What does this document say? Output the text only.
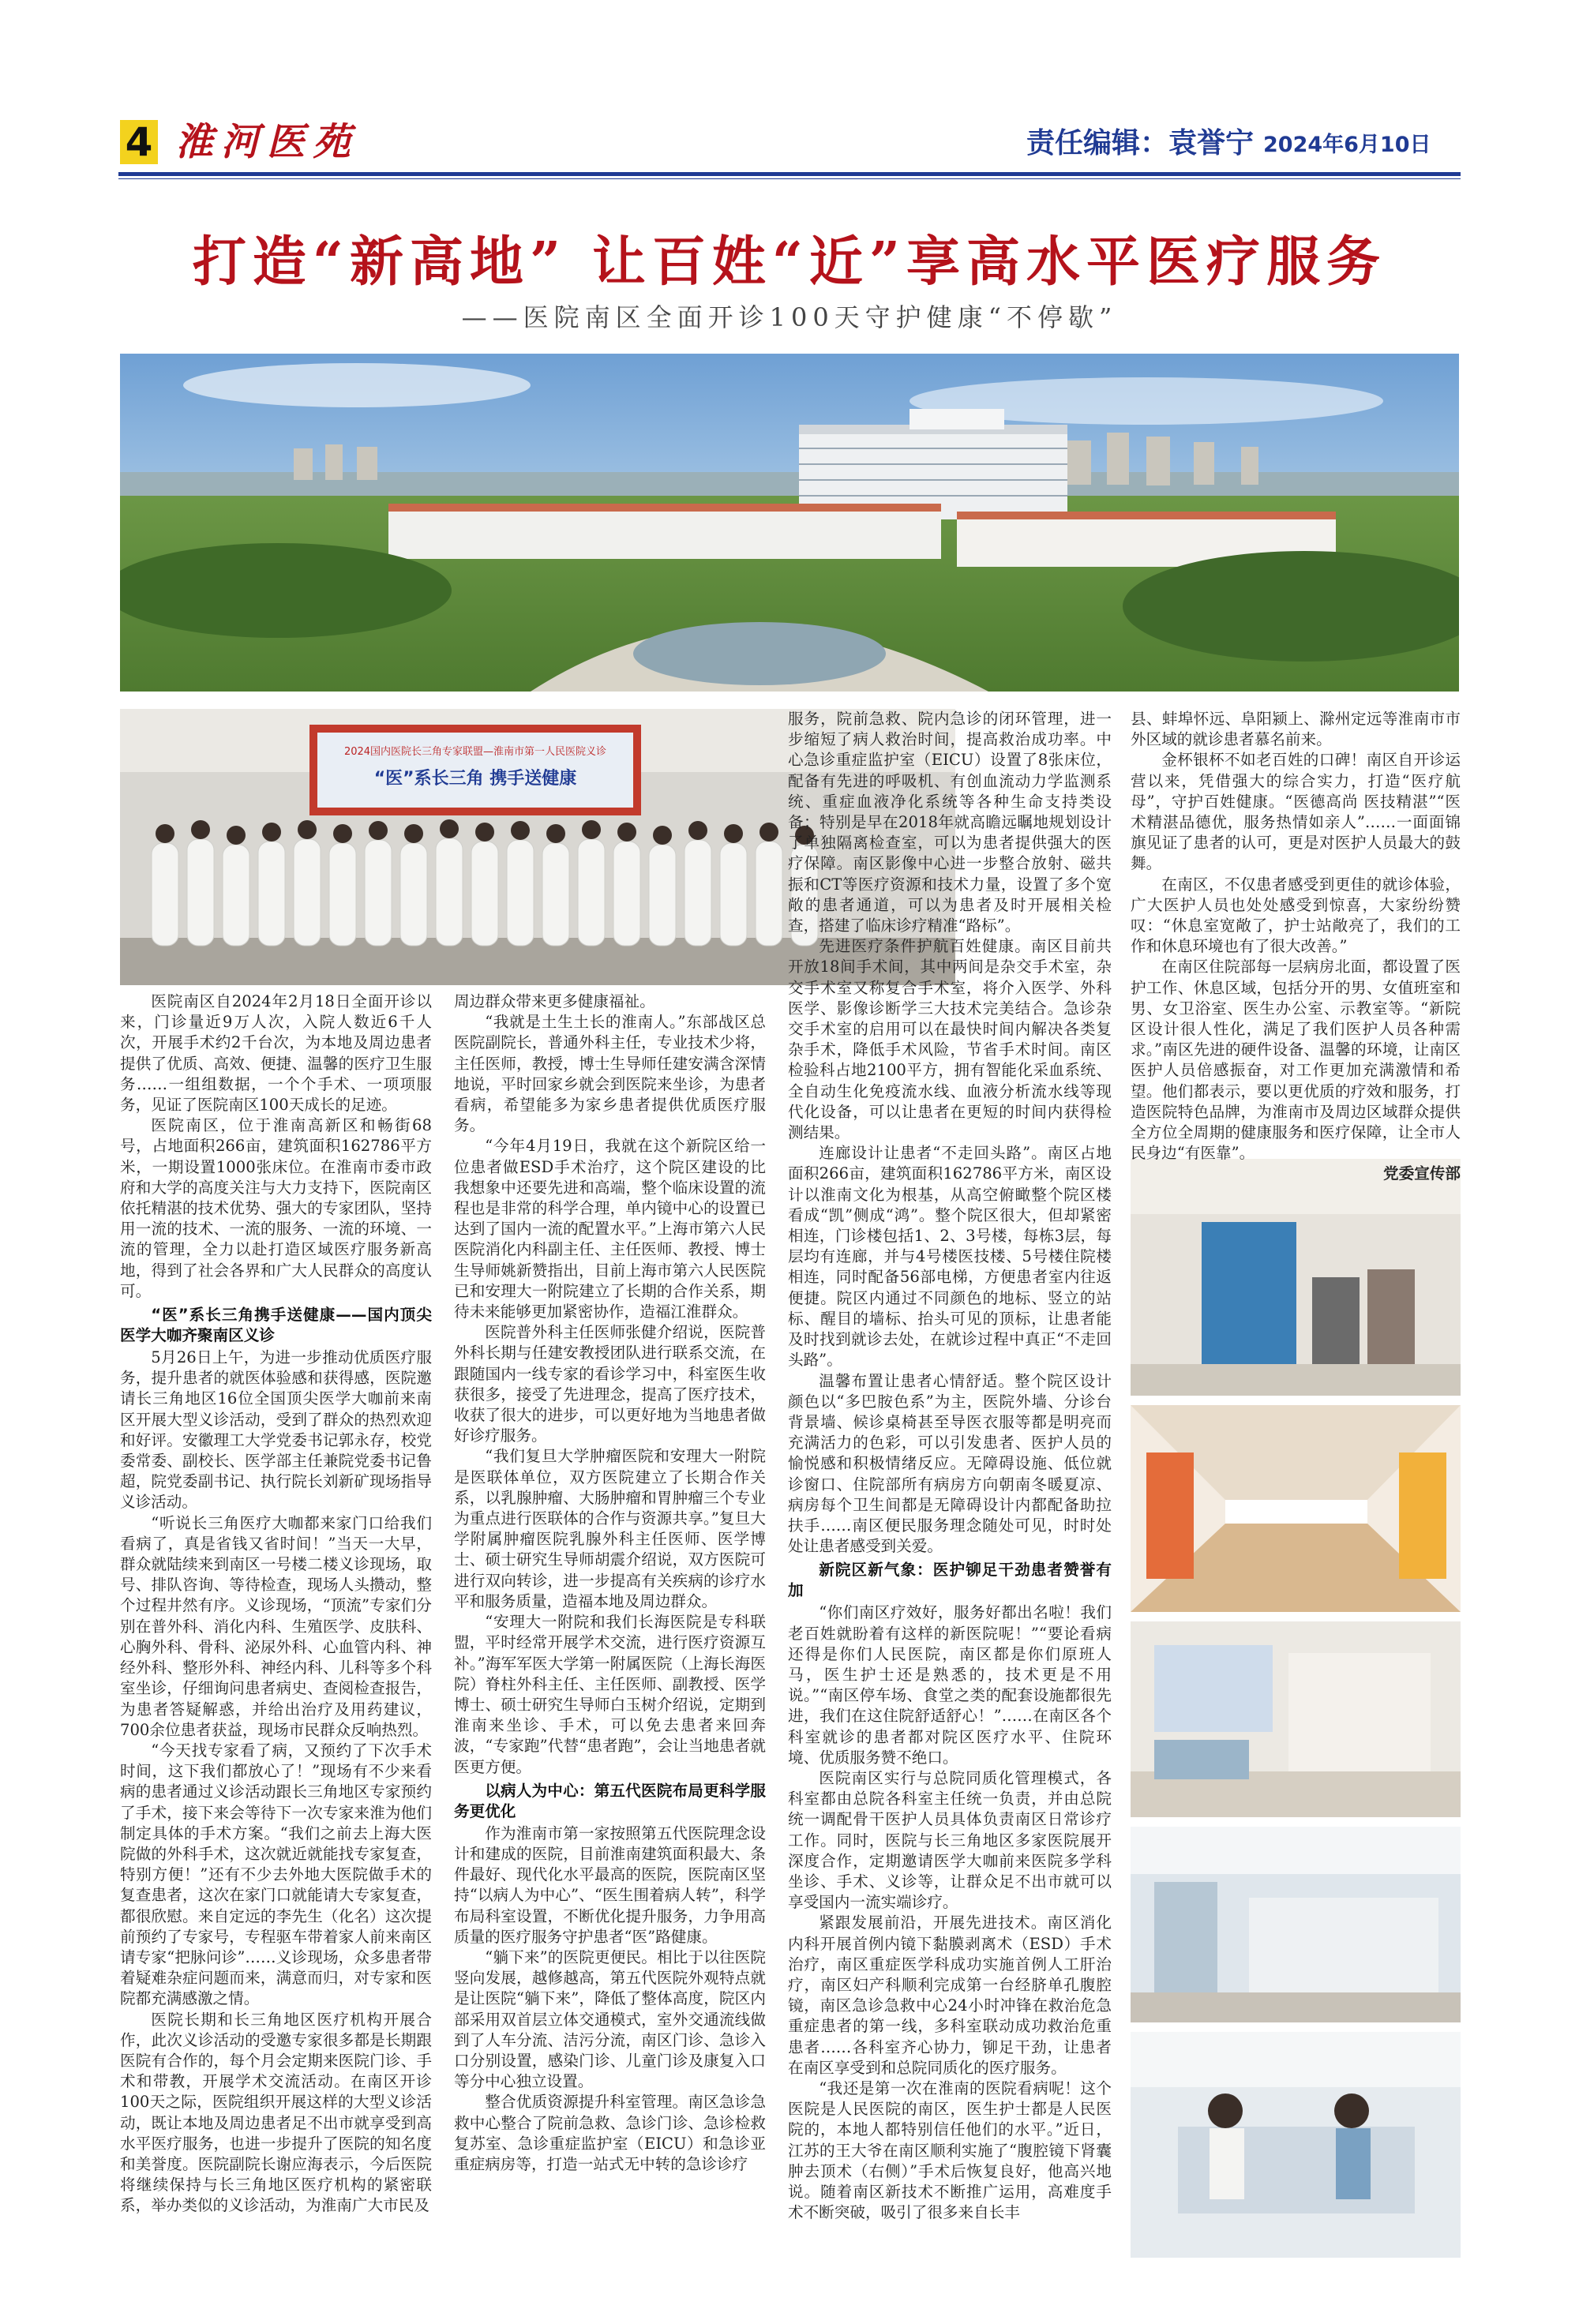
4 淮河医苑	责任编辑：袁誉宁 2024年6月10日
打造“新高地” 让百姓“近”享高水平医疗服务
——医院南区全面开诊100天守护健康“不停歇”
2024国内医院长三角专家联盟—淮南市第一人民医院义诊
“医”系长三角 携手送健康

医院南区自2024年2月18日全面开诊以来，门诊量近9万人次，入院人数近6千人次，开展手术约2千台次，为本地及周边患者提供了优质、高效、便捷、温馨的医疗卫生服务……一组组数据，一个个手术、一项项服务，见证了医院南区100天成长的足迹。

医院南区，位于淮南高新区和畅街68号，占地面积266亩，建筑面积162786平方米，一期设置1000张床位。在淮南市委市政府和大学的高度关注与大力支持下，医院南区依托精湛的技术优势、强大的专家团队，坚持用一流的技术、一流的服务、一流的环境、一流的管理，全力以赴打造区域医疗服务新高地，得到了社会各界和广大人民群众的高度认可。

“医”系长三角携手送健康——国内顶尖医学大咖齐聚南区义诊

5月26日上午，为进一步推动优质医疗服务，提升患者的就医体验感和获得感，医院邀请长三角地区16位全国顶尖医学大咖前来南区开展大型义诊活动，受到了群众的热烈欢迎和好评。安徽理工大学党委书记郭永存，校党委常委、副校长、医学部主任兼院党委书记鲁超，院党委副书记、执行院长刘新矿现场指导义诊活动。

“听说长三角医疗大咖都来家门口给我们看病了，真是省钱又省时间！”当天一大早，群众就陆续来到南区一号楼二楼义诊现场，取号、排队咨询、等待检查，现场人头攒动，整个过程井然有序。义诊现场，“顶流”专家们分别在普外科、消化内科、生殖医学、皮肤科、心胸外科、骨科、泌尿外科、心血管内科、神经外科、整形外科、神经内科、儿科等多个科室坐诊，仔细询问患者病史、查阅检查报告，为患者答疑解惑，并给出治疗及用药建议，700余位患者获益，现场市民群众反响热烈。

“今天找专家看了病，又预约了下次手术时间，这下我们都放心了！”现场有不少来看病的患者通过义诊活动跟长三角地区专家预约了手术，接下来会等待下一次专家来淮为他们制定具体的手术方案。“我们之前去上海大医院做的外科手术，这次就近就能找专家复查，特别方便！”还有不少去外地大医院做手术的复查患者，这次在家门口就能请大专家复查，都很欣慰。来自定远的李先生（化名）这次提前预约了专家号，专程驱车带着家人前来南区请专家“把脉问诊”……义诊现场，众多患者带着疑难杂症问题而来，满意而归，对专家和医院都充满感激之情。

医院长期和长三角地区医疗机构开展合作，此次义诊活动的受邀专家很多都是长期跟医院有合作的，每个月会定期来医院门诊、手术和带教，开展学术交流活动。在南区开诊100天之际，医院组织开展这样的大型义诊活动，既让本地及周边患者足不出市就享受到高水平医疗服务，也进一步提升了医院的知名度和美誉度。医院副院长谢应海表示，今后医院将继续保持与长三角地区医疗机构的紧密联系，举办类似的义诊活动，为淮南广大市民及

周边群众带来更多健康福祉。

“我就是土生土长的淮南人。”东部战区总医院副院长，普通外科主任，专业技术少将，主任医师，教授，博士生导师任建安满含深情地说，平时回家乡就会到医院来坐诊，为患者看病，希望能多为家乡患者提供优质医疗服务。

“今年4月19日，我就在这个新院区给一位患者做ESD手术治疗，这个院区建设的比我想象中还要先进和高端，整个临床设置的流程也是非常的科学合理，单内镜中心的设置已达到了国内一流的配置水平。”上海市第六人民医院消化内科副主任、主任医师、教授、博士生导师姚新赞指出，目前上海市第六人民医院已和安理大一附院建立了长期的合作关系，期待未来能够更加紧密协作，造福江淮群众。

医院普外科主任医师张健介绍说，医院普外科长期与任建安教授团队进行联系交流，在跟随国内一线专家的看诊学习中，科室医生收获很多，接受了先进理念，提高了医疗技术，收获了很大的进步，可以更好地为当地患者做好诊疗服务。

“我们复旦大学肿瘤医院和安理大一附院是医联体单位，双方医院建立了长期合作关系，以乳腺肿瘤、大肠肿瘤和胃肿瘤三个专业为重点进行医联体的合作与资源共享。”复旦大学附属肿瘤医院乳腺外科主任医师、医学博士、硕士研究生导师胡震介绍说，双方医院可进行双向转诊，进一步提高有关疾病的诊疗水平和服务质量，造福本地及周边群众。

“安理大一附院和我们长海医院是专科联盟，平时经常开展学术交流，进行医疗资源互补。”海军军医大学第一附属医院（上海长海医院）脊柱外科主任、主任医师、副教授、医学博士、硕士研究生导师白玉树介绍说，定期到淮南来坐诊、手术，可以免去患者来回奔波，“专家跑”代替“患者跑”，会让当地患者就医更方便。

以病人为中心：第五代医院布局更科学服务更优化

作为淮南市第一家按照第五代医院理念设计和建成的医院，目前淮南建筑面积最大、条件最好、现代化水平最高的医院，医院南区坚持“以病人为中心”、“医生围着病人转”，科学布局科室设置，不断优化提升服务，力争用高质量的医疗服务守护患者“医”路健康。

“躺下来”的医院更便民。相比于以往医院竖向发展，越修越高，第五代医院外观特点就是让医院“躺下来”，降低了整体高度，院区内部采用双首层立体交通模式，室外交通流线做到了人车分流、洁污分流，南区门诊、急诊入口分别设置，感染门诊、儿童门诊及康复入口等分中心独立设置。

整合优质资源提升科室管理。南区急诊急救中心整合了院前急救、急诊门诊、急诊检救复苏室、急诊重症监护室（EICU）和急诊亚重症病房等，打造一站式无中转的急诊诊疗

服务，院前急救、院内急诊的闭环管理，进一步缩短了病人救治时间，提高救治成功率。中心急诊重症监护室（EICU）设置了8张床位，配备有先进的呼吸机、有创血流动力学监测系统、重症血液净化系统等各种生命支持类设备；特别是早在2018年就高瞻远瞩地规划设计了单独隔离检查室，可以为患者提供强大的医疗保障。南区影像中心进一步整合放射、磁共振和CT等医疗资源和技术力量，设置了多个宽敞的患者通道，可以为患者及时开展相关检查，搭建了临床诊疗精准“路标”。

先进医疗条件护航百姓健康。南区目前共开放18间手术间，其中两间是杂交手术室，杂交手术室又称复合手术室，将介入医学、外科医学、影像诊断学三大技术完美结合。急诊杂交手术室的启用可以在最快时间内解决各类复杂手术，降低手术风险，节省手术时间。南区检验科占地2100平方，拥有智能化采血系统、全自动生化免疫流水线、血液分析流水线等现代化设备，可以让患者在更短的时间内获得检测结果。

连廊设计让患者“不走回头路”。南区占地面积266亩，建筑面积162786平方米，南区设计以淮南文化为根基，从高空俯瞰整个院区楼看成“凯”侧成“鸿”。整个院区很大，但却紧密相连，门诊楼包括1、2、3号楼，每栋3层，每层均有连廊，并与4号楼医技楼、5号楼住院楼相连，同时配备56部电梯，方便患者室内往返便捷。院区内通过不同颜色的地标、竖立的站标、醒目的墙标、抬头可见的顶标，让患者能及时找到就诊去处，在就诊过程中真正“不走回头路”。

温馨布置让患者心情舒适。整个院区设计颜色以“多巴胺色系”为主，医院外墙、分诊台背景墙、候诊桌椅甚至导医衣服等都是明亮而充满活力的色彩，可以引发患者、医护人员的愉悦感和积极情绪反应。无障碍设施、低位就诊窗口、住院部所有病房方向朝南冬暖夏凉、病房每个卫生间都是无障碍设计内都配备助拉扶手……南区便民服务理念随处可见，时时处处让患者感受到关爱。

新院区新气象：医护铆足干劲患者赞誉有加

“你们南区疗效好，服务好都出名啦！我们老百姓就盼着有这样的新医院呢！”“要论看病还得是你们人民医院，南区都是你们原班人马，医生护士还是熟悉的，技术更是不用说。”“南区停车场、食堂之类的配套设施都很先进，我们在这住院舒适舒心！”……在南区各个科室就诊的患者都对院区医疗水平、住院环境、优质服务赞不绝口。

医院南区实行与总院同质化管理模式，各科室都由总院各科室主任统一负责，并由总院统一调配骨干医护人员具体负责南区日常诊疗工作。同时，医院与长三角地区多家医院展开深度合作，定期邀请医学大咖前来医院多学科坐诊、手术、义诊等，让群众足不出市就可以享受国内一流实端诊疗。

紧跟发展前沿，开展先进技术。南区消化内科开展首例内镜下黏膜剥离术（ESD）手术治疗，南区重症医学科成功实施首例人工肝治疗，南区妇产科顺利完成第一台经脐单孔腹腔镜，南区急诊急救中心24小时冲锋在救治危急重症患者的第一线，多科室联动成功救治危重患者……各科室齐心协力，铆足干劲，让患者在南区享受到和总院同质化的医疗服务。

“我还是第一次在淮南的医院看病呢！这个医院是人民医院的南区，医生护士都是人民医院的，本地人都特别信任他们的水平。”近日，江苏的王大爷在南区顺利实施了“腹腔镜下肾囊肿去顶术（右侧）”手术后恢复良好，他高兴地说。随着南区新技术不断推广运用，高难度手术不断突破，吸引了很多来自长丰

县、蚌埠怀远、阜阳颍上、滁州定远等淮南市市外区域的就诊患者慕名前来。

金杯银杯不如老百姓的口碑！南区自开诊运营以来，凭借强大的综合实力，打造“医疗航母”，守护百姓健康。“医德高尚 医技精湛”“医术精湛品德优，服务热情如亲人”……一面面锦旗见证了患者的认可，更是对医护人员最大的鼓舞。

在南区，不仅患者感受到更佳的就诊体验，广大医护人员也处处感受到惊喜，大家纷纷赞叹：“休息室宽敞了，护士站敞亮了，我们的工作和休息环境也有了很大改善。”

在南区住院部每一层病房北面，都设置了医护工作、休息区域，包括分开的男、女值班室和男、女卫浴室、医生办公室、示教室等。“新院区设计很人性化，满足了我们医护人员各种需求。”南区先进的硬件设备、温馨的环境，让南区医护人员倍感振奋，对工作更加充满激情和希望。他们都表示，要以更优质的疗效和服务，打造医院特色品牌，为淮南市及周边区域群众提供全方位全周期的健康服务和医疗保障，让全市人民身边“有医靠”。

党委宣传部
